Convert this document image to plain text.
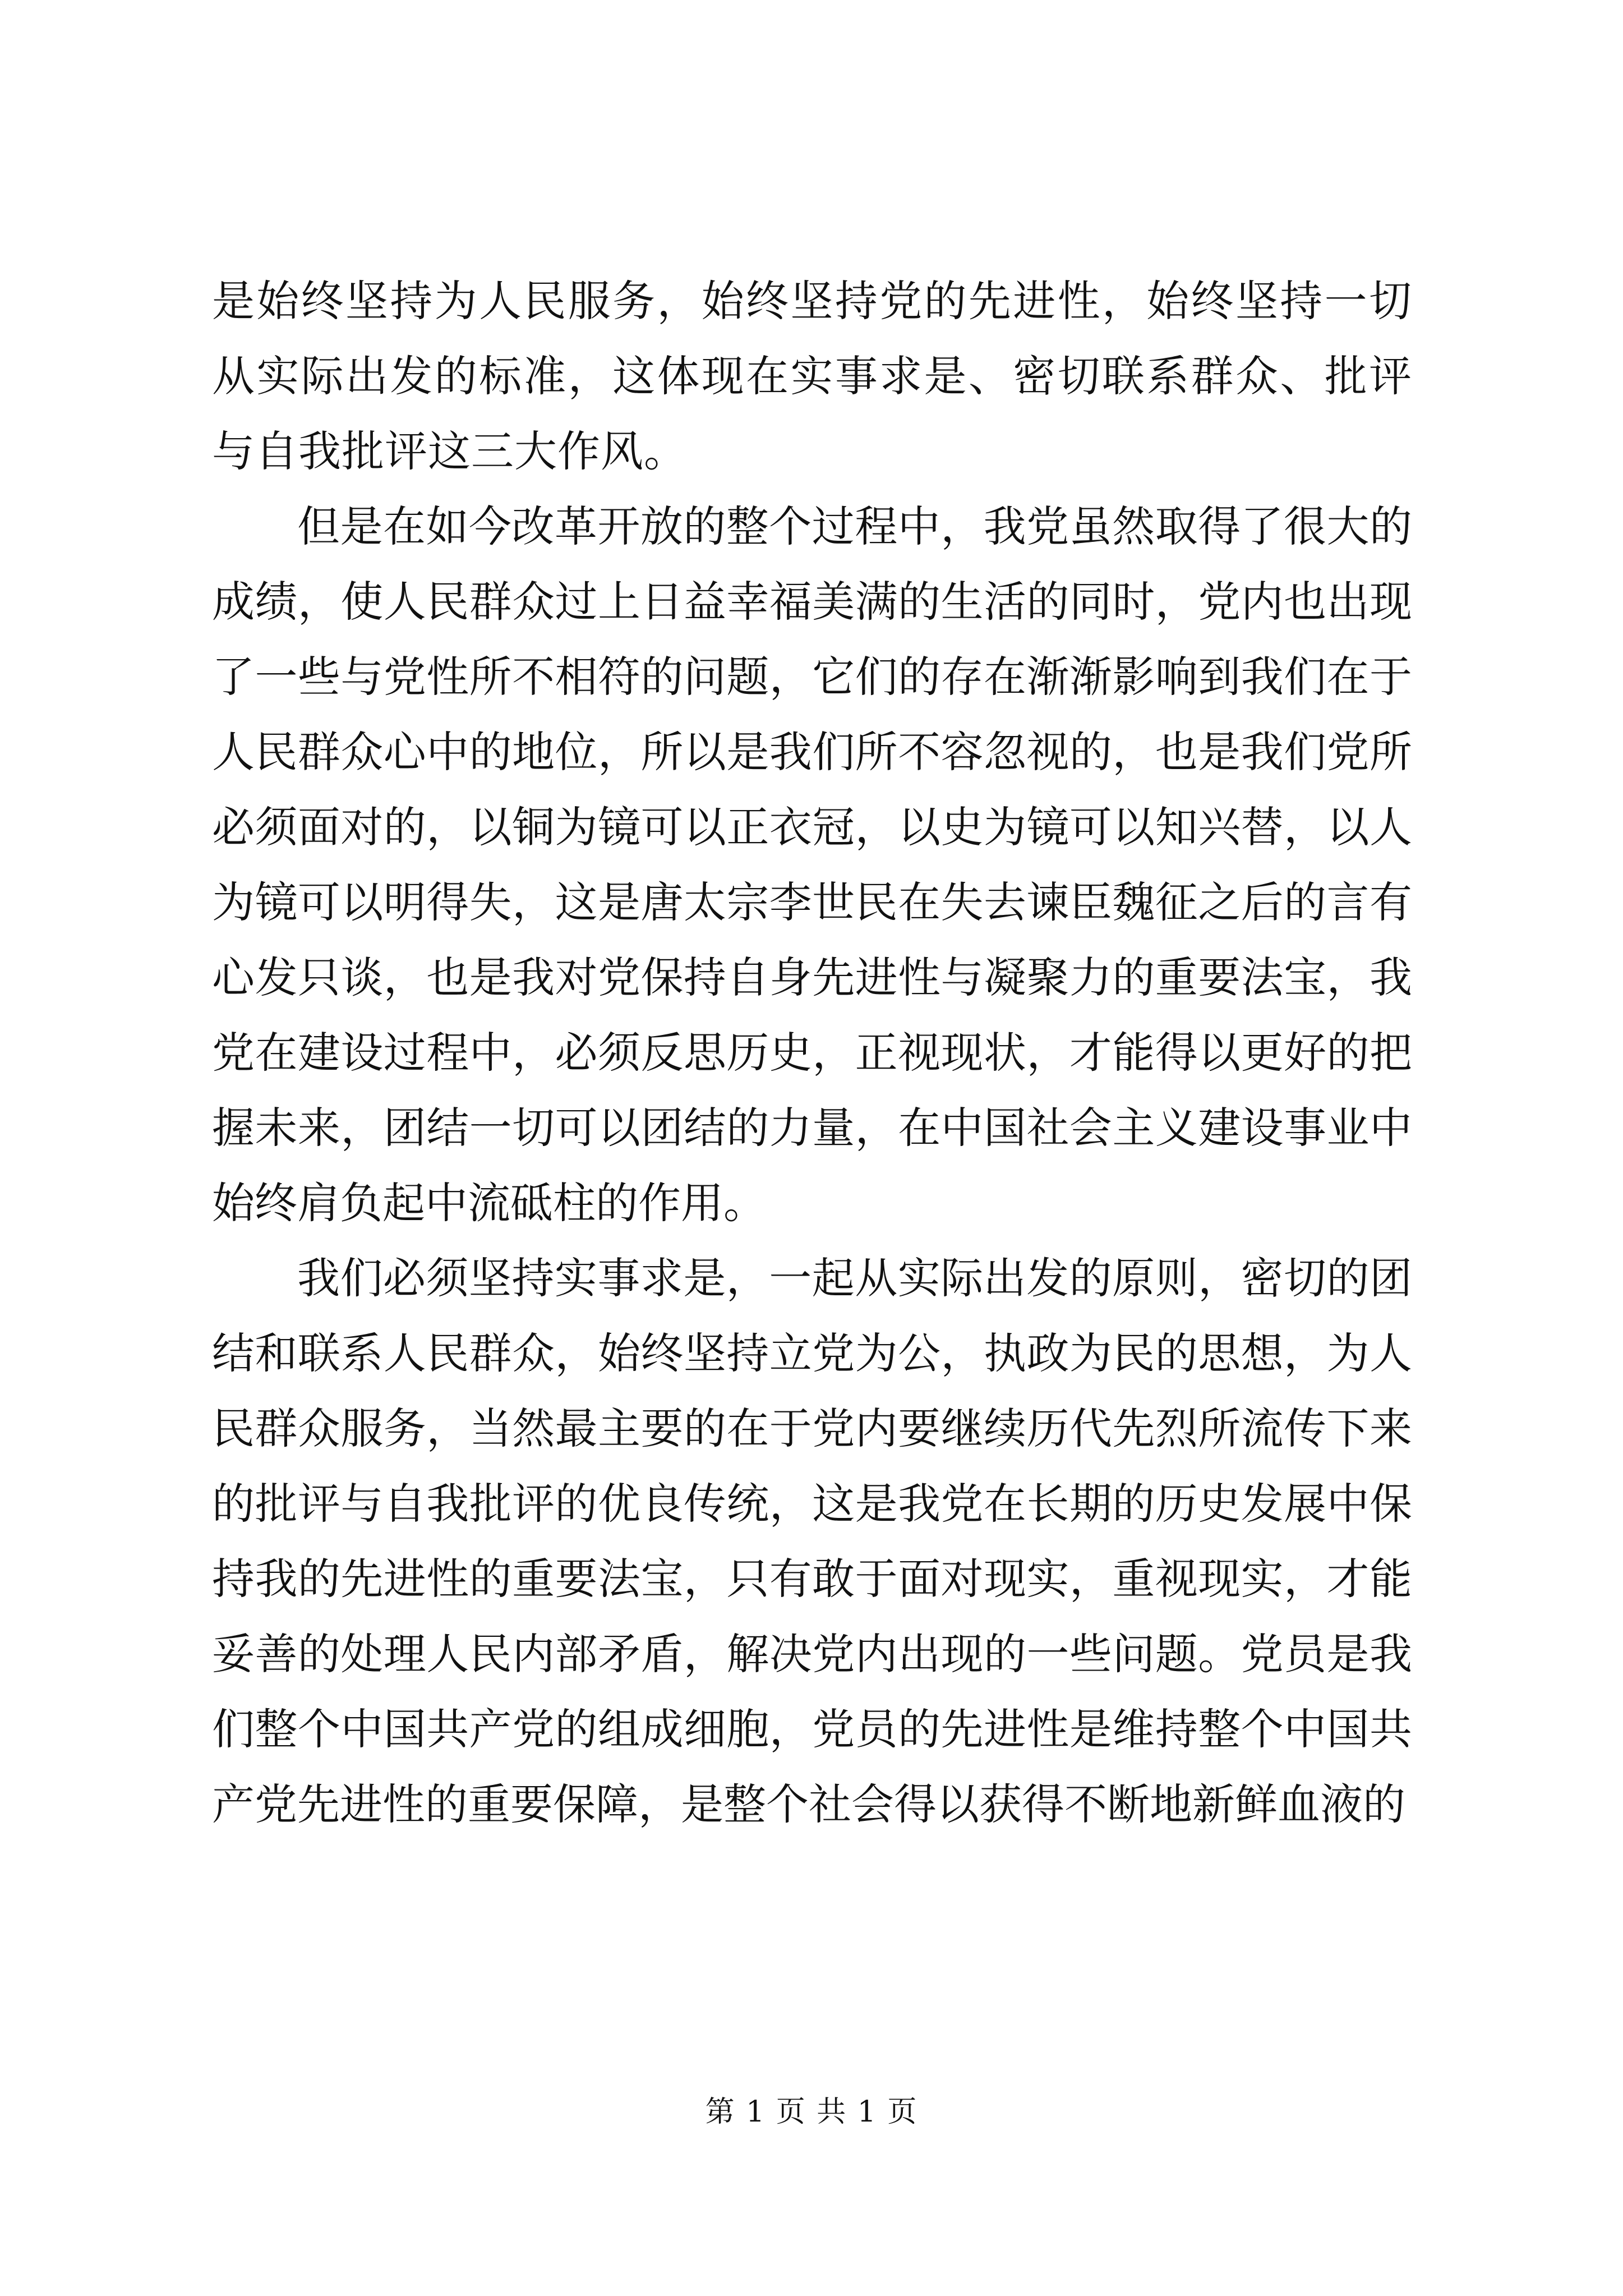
是始终坚持为人民服务，始终坚持党的先进性，始终坚持一切从实际出发的标准，这体现在实事求是、密切联系群众、批评与自我批评这三大作风。

但是在如今改革开放的整个过程中，我党虽然取得了很大的成绩，使人民群众过上日益幸福美满的生活的同时，党内也出现了一些与党性所不相符的问题，它们的存在渐渐影响到我们在于人民群众心中的地位，所以是我们所不容忽视的，也是我们党所必须面对的，以铜为镜可以正衣冠，以史为镜可以知兴替，以人为镜可以明得失，这是唐太宗李世民在失去谏臣魏征之后的言有心发只谈，也是我对党保持自身先进性与凝聚力的重要法宝，我党在建设过程中，必须反思历史，正视现状，才能得以更好的把握未来，团结一切可以团结的力量，在中国社会主义建设事业中始终肩负起中流砥柱的作用。

我们必须坚持实事求是，一起从实际出发的原则，密切的团结和联系人民群众，始终坚持立党为公，执政为民的思想，为人民群众服务，当然最主要的在于党内要继续历代先烈所流传下来的批评与自我批评的优良传统，这是我党在长期的历史发展中保持我的先进性的重要法宝，只有敢于面对现实，重视现实，才能妥善的处理人民内部矛盾，解决党内出现的一些问题。党员是我们整个中国共产党的组成细胞，党员的先进性是维持整个中国共产党先进性的重要保障，是整个社会得以获得不断地新鲜血液的

第 1 页 共 1 页
